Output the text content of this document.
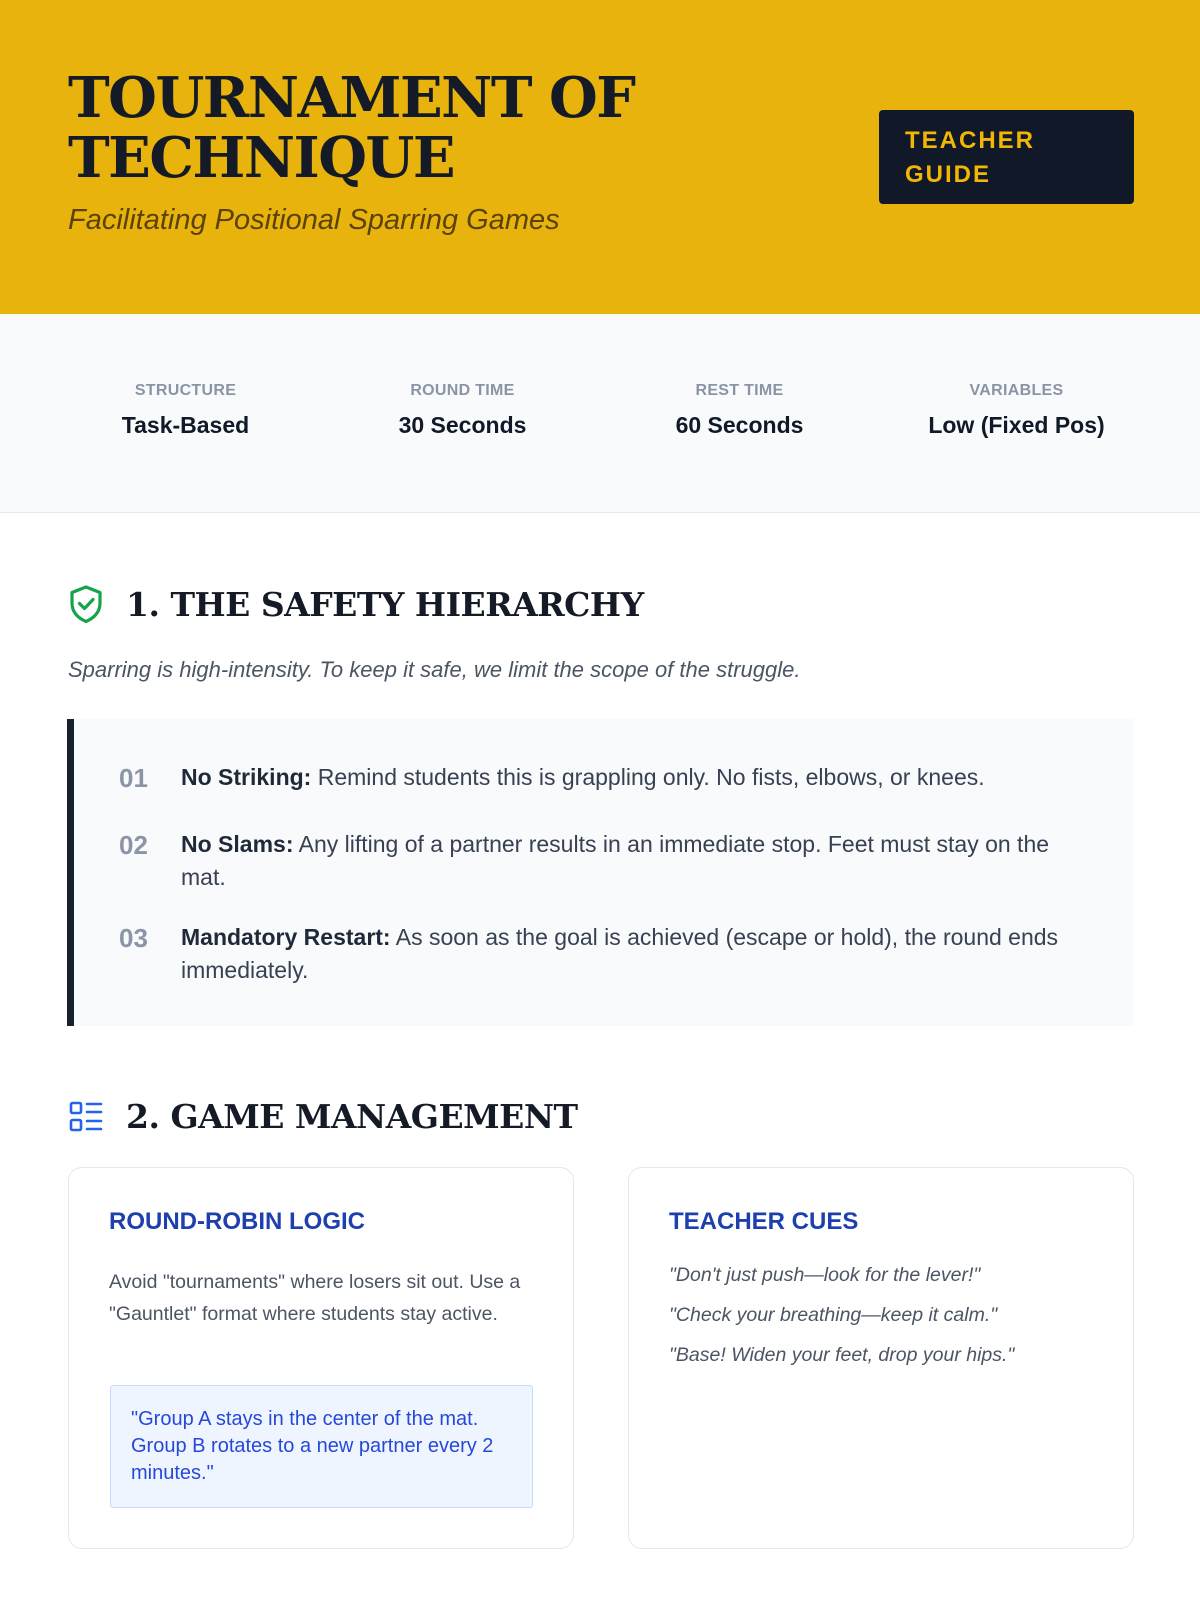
TOURNAMENT OF TECHNIQUE
Facilitating Positional Sparring Games
TEACHER GUIDE
STRUCTURE
Task-Based
ROUND TIME
30 Seconds
REST TIME
60 Seconds
VARIABLES
Low (Fixed Pos)
1. THE SAFETY HIERARCHY
Sparring is high-intensity. To keep it safe, we limit the scope of the struggle.
01	No Striking: Remind students this is grappling only. No fists, elbows, or knees.
02	No Slams: Any lifting of a partner results in an immediate stop. Feet must stay on the mat.
03	Mandatory Restart: As soon as the goal is achieved (escape or hold), the round ends immediately.
2. GAME MANAGEMENT
ROUND-ROBIN LOGIC
Avoid "tournaments" where losers sit out. Use a "Gauntlet" format where students stay active.
"Group A stays in the center of the mat. Group B rotates to a new partner every 2 minutes."
TEACHER CUES
"Don't just push—look for the lever!"
"Check your breathing—keep it calm."
"Base! Widen your feet, drop your hips."
